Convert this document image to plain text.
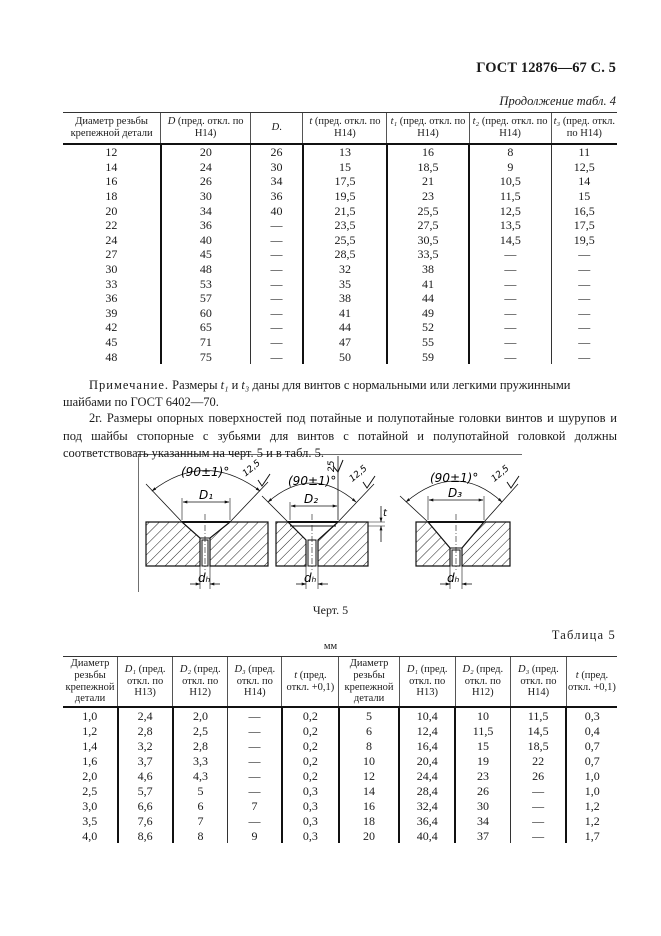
ГОСТ 12876—67 С. 5
Продолжение табл. 4
Диаметр резьбы крепежной детали	D (пред. откл. по Н14)	D.	t (пред. откл. по Н14)	t₁ (пред. откл. по Н14)	t₂ (пред. откл. по Н14)	t₃ (пред. откл. по Н14)
12	20	26	13	16	8	11
14	24	30	15	18,5	9	12,5
16	26	34	17,5	21	10,5	14
18	30	36	19,5	23	11,5	15
20	34	40	21,5	25,5	12,5	16,5
22	36	—	23,5	27,5	13,5	17,5
24	40	—	25,5	30,5	14,5	19,5
27	45	—	28,5	33,5	—	—
30	48	—	32	38	—	—
33	53	—	35	41	—	—
36	57	—	38	44	—	—
39	60	—	41	49	—	—
42	65	—	44	52	—	—
45	71	—	47	55	—	—
48	75	—	50	59	—	—
Примечание. Размеры t₁ и t₃ даны для винтов с нормальными или легкими пружинными шайбами по ГОСТ 6402—70.
2г. Размеры опорных поверхностей под потайные и полупотайные головки винтов и шурупов и под шайбы стопорные с зубьями для винтов с потайной и полупотайной головкой должны соответствовать указанным на черт. 5 и в табл. 5.
(90±1)° 12,5
D₁
dₕ
(90±1)° 12,5
25
D₂
t
dₕ
(90±1)° 12,5
D₃
dₕ
Черт. 5
Таблица 5
мм
Диаметр резьбы крепежной детали	D₁ (пред. откл. по Н13)	D₂ (пред. откл. по Н12)	D₃ (пред. откл. по Н14)	t (пред. откл. +0,1)	Диаметр резьбы крепежной детали	D₁ (пред. откл. по Н13)	D₂ (пред. откл. по Н12)	D₃ (пред. откл. по Н14)	t (пред. откл. +0,1)
1,0	2,4	2,0	—	0,2	5	10,4	10	11,5	0,3
1,2	2,8	2,5	—	0,2	6	12,4	11,5	14,5	0,4
1,4	3,2	2,8	—	0,2	8	16,4	15	18,5	0,7
1,6	3,7	3,3	—	0,2	10	20,4	19	22	0,7
2,0	4,6	4,3	—	0,2	12	24,4	23	26	1,0
2,5	5,7	5	—	0,3	14	28,4	26	—	1,0
3,0	6,6	6	7	0,3	16	32,4	30	—	1,2
3,5	7,6	7	—	0,3	18	36,4	34	—	1,2
4,0	8,6	8	9	0,3	20	40,4	37	—	1,7
